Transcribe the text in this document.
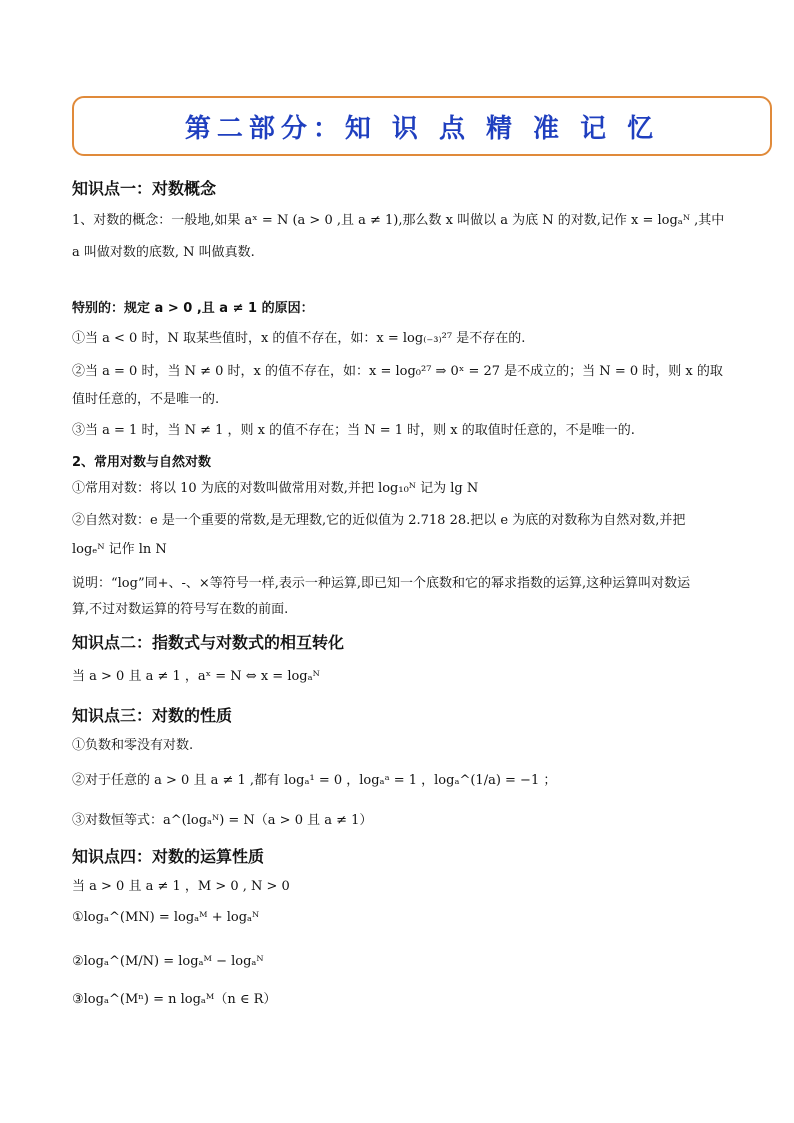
第二部分：知 识 点 精 准 记 忆
知识点一：对数概念
1、对数的概念：一般地,如果 aˣ = N (a > 0 ,且 a ≠ 1),那么数 x 叫做以 a 为底 N 的对数,记作 x = logₐᴺ ,其中
a 叫做对数的底数, N 叫做真数.
特别的：规定 a > 0 ,且 a ≠ 1 的原因：
①当 a < 0 时，N 取某些值时，x 的值不存在，如：x = log₍₋₃₎²⁷ 是不存在的.
②当 a = 0 时，当 N ≠ 0 时，x 的值不存在，如：x = log₀²⁷ ⇒ 0ˣ = 27 是不成立的；当 N = 0 时，则 x 的取
值时任意的，不是唯一的.
③当 a = 1 时，当 N ≠ 1 ，则 x 的值不存在；当 N = 1 时，则 x 的取值时任意的，不是唯一的.
2、常用对数与自然对数
①常用对数：将以 10 为底的对数叫做常用对数,并把 log₁₀ᴺ 记为 lg N
②自然对数：e 是一个重要的常数,是无理数,它的近似值为 2.718 28.把以 e 为底的对数称为自然对数,并把
logₑᴺ 记作 ln N
说明：“log”同+、-、×等符号一样,表示一种运算,即已知一个底数和它的幂求指数的运算,这种运算叫对数运
算,不过对数运算的符号写在数的前面.
知识点二：指数式与对数式的相互转化
当 a > 0 且 a ≠ 1 ，aˣ = N ⇔ x = logₐᴺ
知识点三：对数的性质
①负数和零没有对数.
②对于任意的 a > 0 且 a ≠ 1 ,都有 logₐ¹ = 0 ，logₐᵃ = 1 ，logₐ^(1/a) = −1 ；
③对数恒等式：a^(logₐᴺ) = N（a > 0 且 a ≠ 1）
知识点四：对数的运算性质
当 a > 0 且 a ≠ 1 ，M > 0 , N > 0
①logₐ^(MN) = logₐᴹ + logₐᴺ
②logₐ^(M/N) = logₐᴹ − logₐᴺ
③logₐ^(Mⁿ) = n logₐᴹ（n ∈ R）
